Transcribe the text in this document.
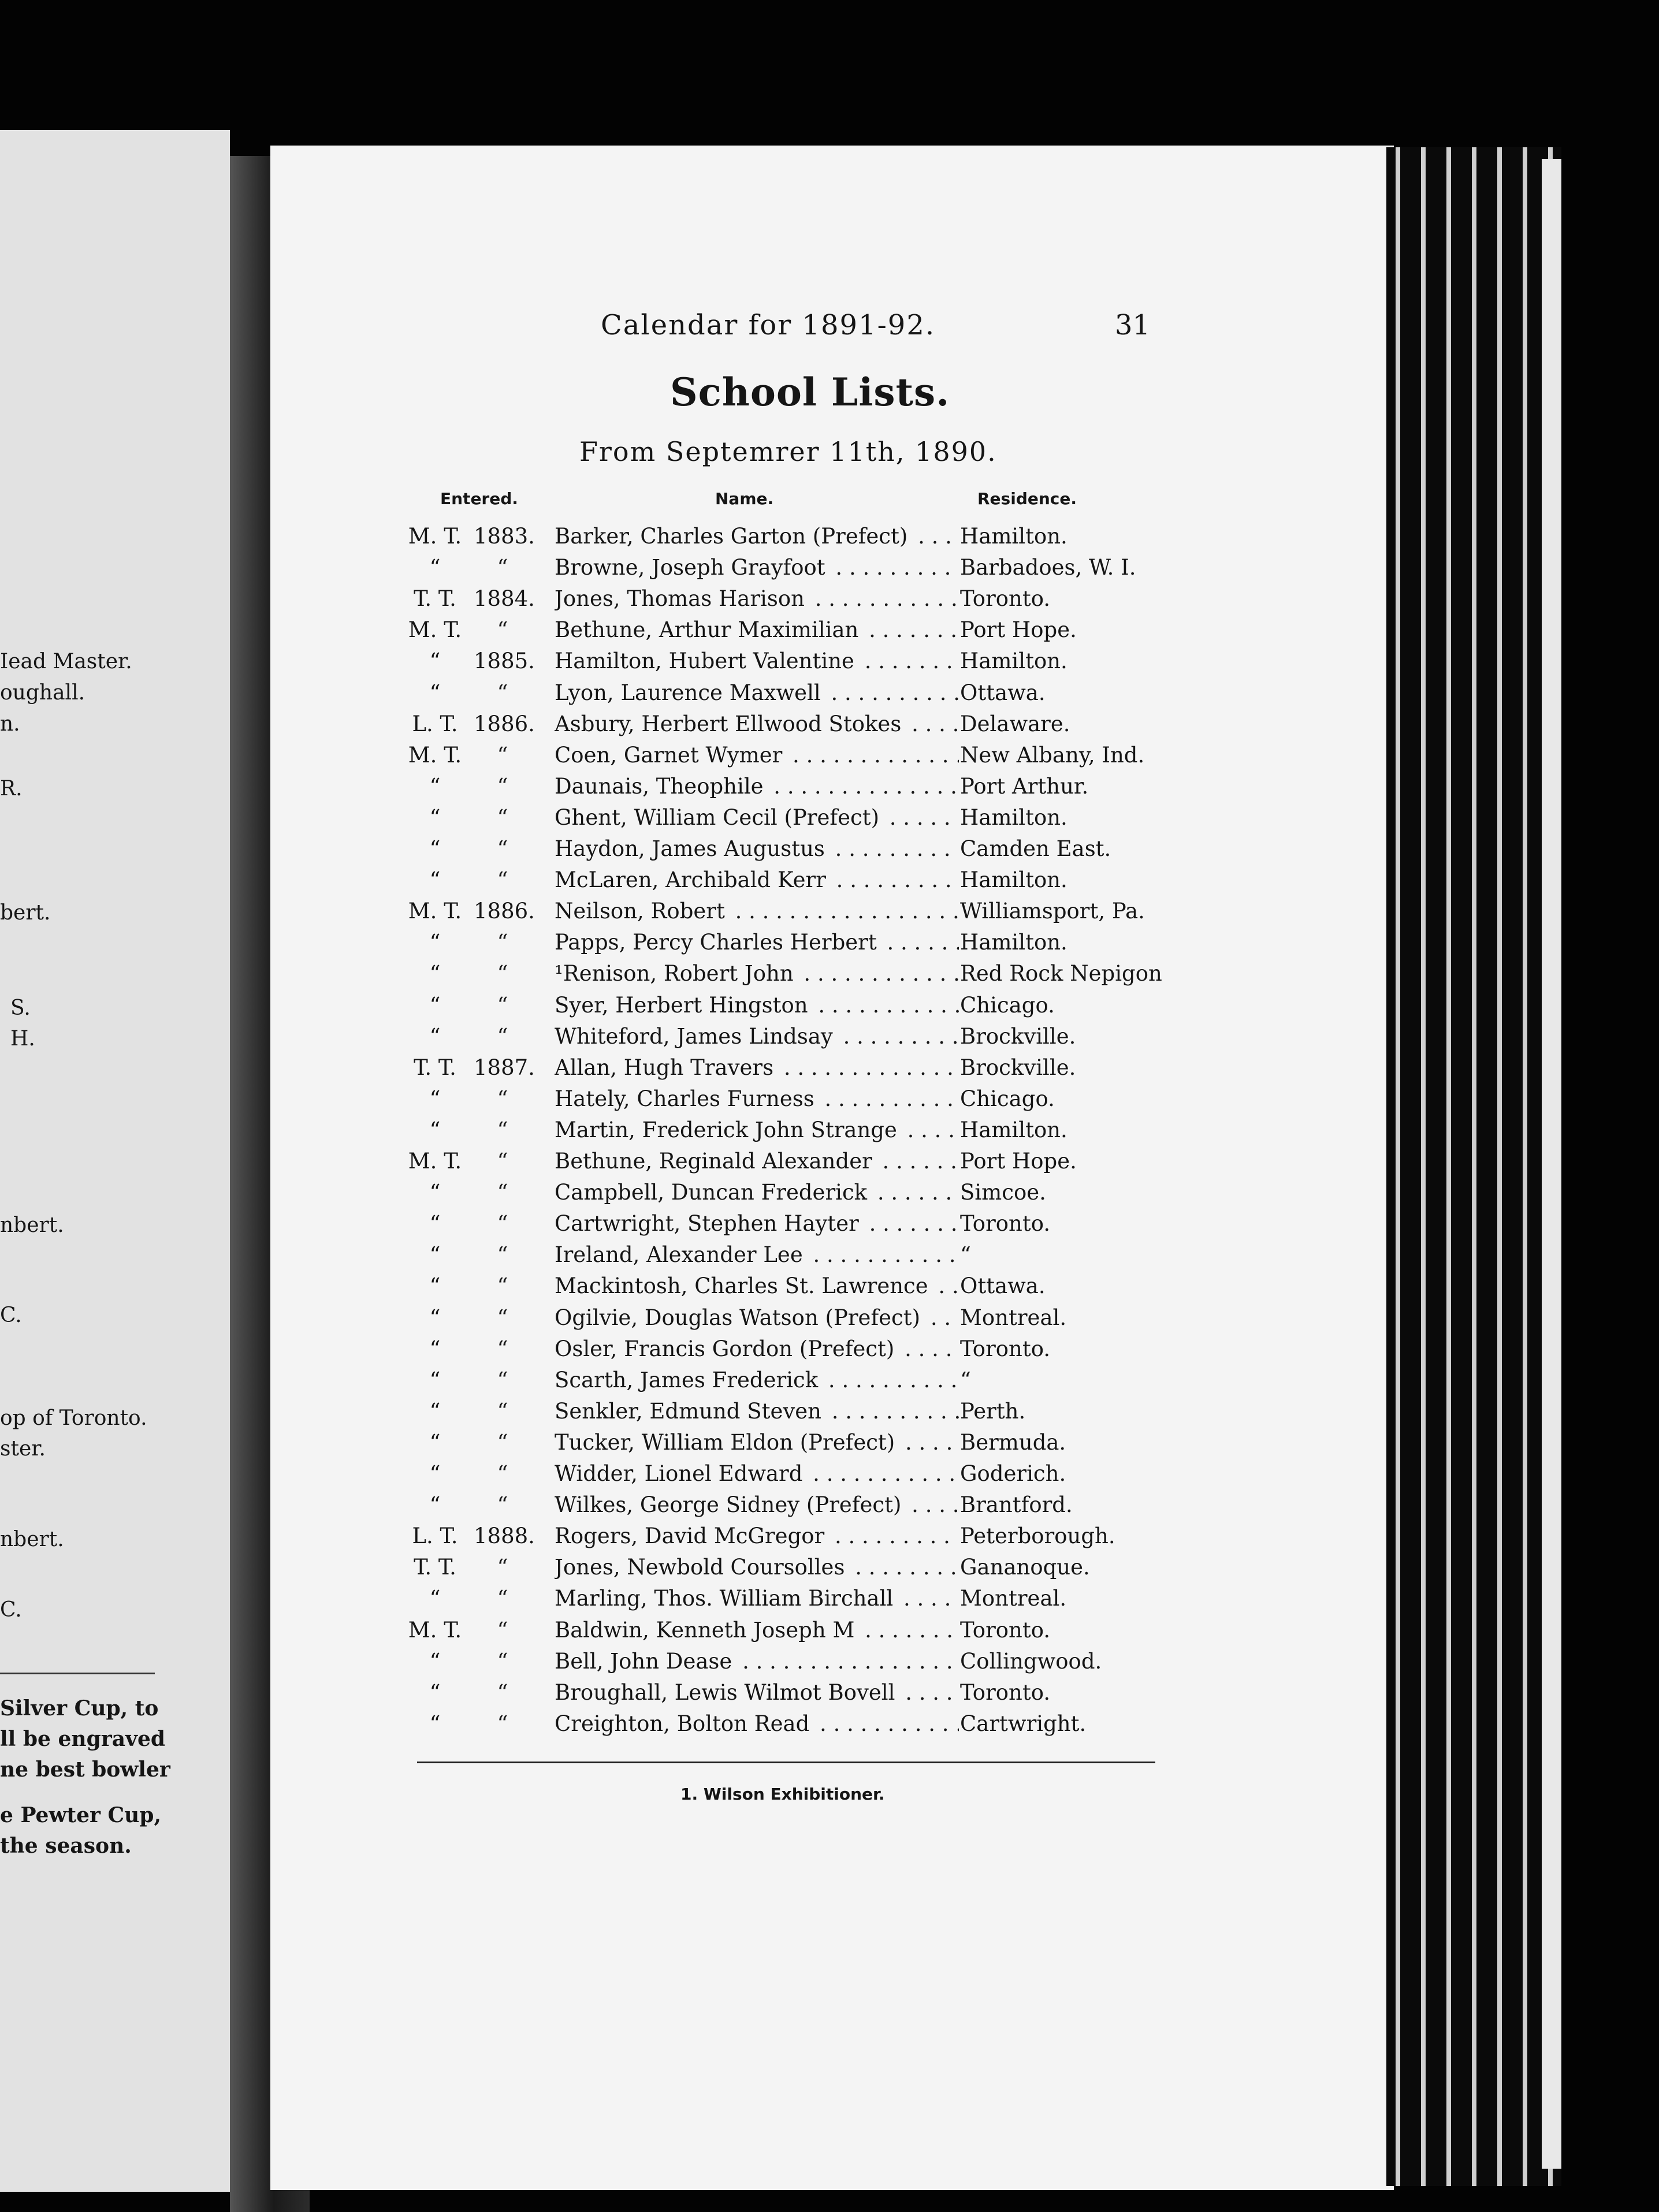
Iead Master.
oughall.
n.
R.
bert.
S.
H.
nbert.
C.
op of Toronto.
ster.
nbert.
C.
Silver Cup, to
ll be engraved
ne best bowler
e Pewter Cup,
the season.
Calendar for 1891-92.	31
School Lists.
From Septemrer 11th, 1890.
Entered.	Name.	Residence.
M. T. 1883. Barker, Charles Garton (Prefect) . . .	Hamilton.
“	“	Browne, Joseph Grayfoot . . .	Barbadoes, W. I.
T. T. 1884. Jones, Thomas Harison . . .	Toronto.
M. T.	“	Bethune, Arthur Maximilian . . .	Port Hope.
“	1885. Hamilton, Hubert Valentine . . .	Hamilton.
“	“	Lyon, Laurence Maxwell . . .	Ottawa.
L. T. 1886. Asbury, Herbert Ellwood Stokes . . .	Delaware.
M. T.	“	Coen, Garnet Wymer . . .	New Albany, Ind.
“	“	Daunais, Theophile . . .	Port Arthur.
“	“	Ghent, William Cecil (Prefect) . . .	Hamilton.
“	“	Haydon, James Augustus . . .	Camden East.
“	“	McLaren, Archibald Kerr . . .	Hamilton.
M. T. 1886. Neilson, Robert . . .	Williamsport, Pa.
“	“	Papps, Percy Charles Herbert . . .	Hamilton.
“	“	¹Renison, Robert John . . .	Red Rock Nepigon
“	“	Syer, Herbert Hingston . . .	Chicago.
“	“	Whiteford, James Lindsay . . .	Brockville.
T. T. 1887. Allan, Hugh Travers . . .	Brockville.
“	“	Hately, Charles Furness . . .	Chicago.
“	“	Martin, Frederick John Strange . . .	Hamilton.
M. T.	“	Bethune, Reginald Alexander . . .	Port Hope.
“	“	Campbell, Duncan Frederick . . .	Simcoe.
“	“	Cartwright, Stephen Hayter . . .	Toronto.
“	“	Ireland, Alexander Lee . . .	“
“	“	Mackintosh, Charles St. Lawrence . . .	Ottawa.
“	“	Ogilvie, Douglas Watson (Prefect) . . .	Montreal.
“	“	Osler, Francis Gordon (Prefect) . . .	Toronto.
“	“	Scarth, James Frederick . . .	“
“	“	Senkler, Edmund Steven . . .	Perth.
“	“	Tucker, William Eldon (Prefect) . . .	Bermuda.
“	“	Widder, Lionel Edward . . .	Goderich.
“	“	Wilkes, George Sidney (Prefect) . . .	Brantford.
L. T. 1888. Rogers, David McGregor . . .	Peterborough.
T. T.	“	Jones, Newbold Coursolles . . .	Gananoque.
“	“	Marling, Thos. William Birchall . . .	Montreal.
M. T.	“	Baldwin, Kenneth Joseph M . . .	Toronto.
“	“	Bell, John Dease . . .	Collingwood.
“	“	Broughall, Lewis Wilmot Bovell . . .	Toronto.
“	“	Creighton, Bolton Read . . .	Cartwright.
1. Wilson Exhibitioner.
